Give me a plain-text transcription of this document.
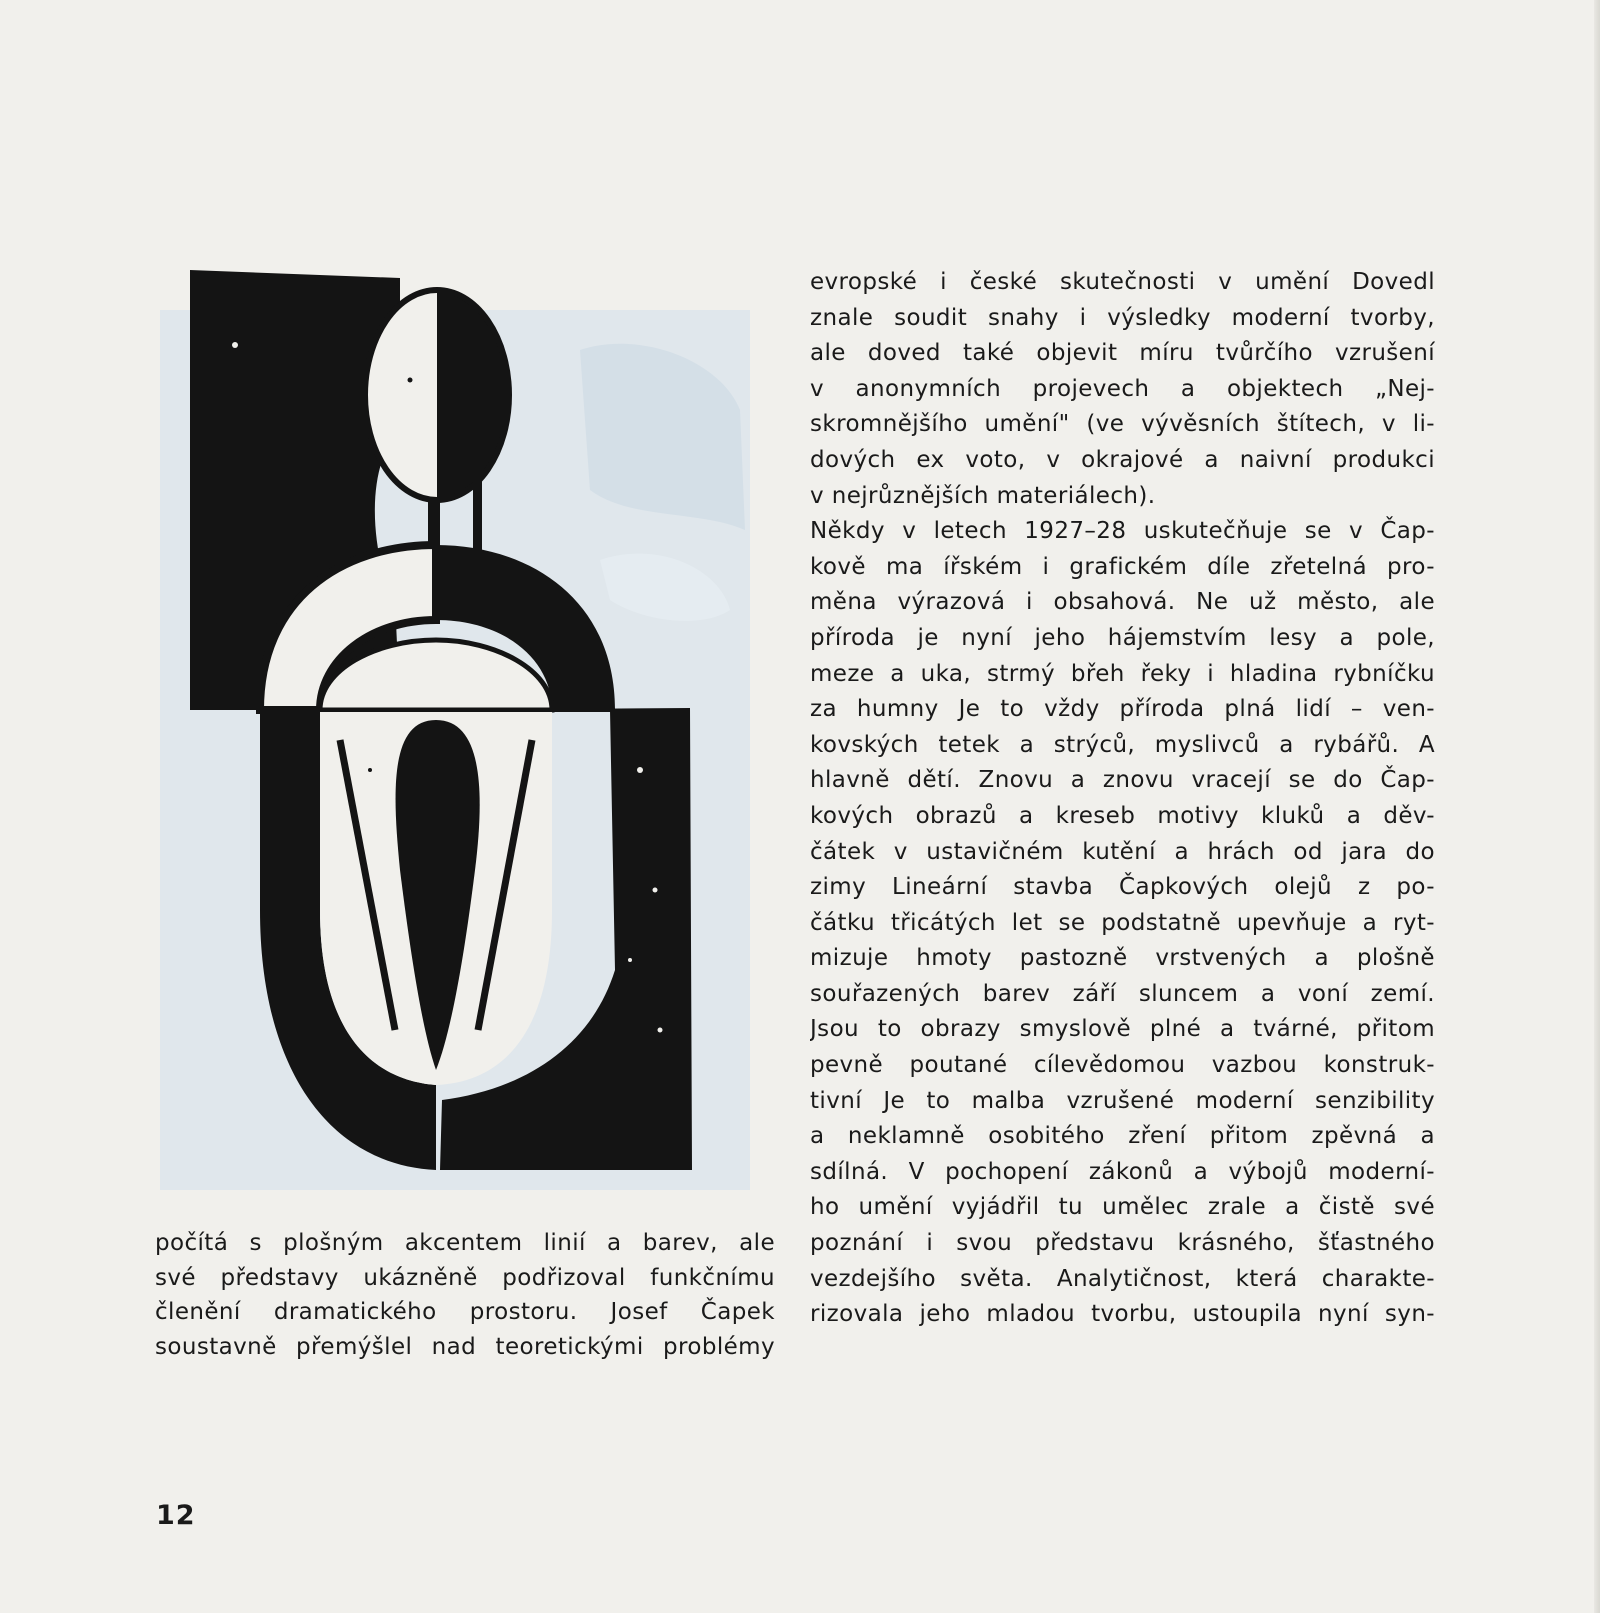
počítá s plošným akcentem linií a barev, ale
své představy ukázněně podřizoval funkčnímu
členění dramatického prostoru. Josef Čapek
soustavně přemýšlel nad teoretickými problémy
evropské i české skutečnosti v umění Dovedl
znale soudit snahy i výsledky moderní tvorby,
ale doved také objevit míru tvůrčího vzrušení
v anonymních projevech a objektech „Nej-
skromnějšího umění" (ve vývěsních štítech, v li-
dových ex voto, v okrajové a naivní produkci
v nejrůznějších materiálech).
Někdy v letech 1927–28 uskutečňuje se v Čap-
kově ma ířském i grafickém díle zřetelná pro-
měna výrazová i obsahová. Ne už město, ale
příroda je nyní jeho hájemstvím lesy a pole,
meze a uka, strmý břeh řeky i hladina rybníčku
za humny Je to vždy příroda plná lidí – ven-
kovských tetek a strýců, myslivců a rybářů. A
hlavně dětí. Znovu a znovu vracejí se do Čap-
kových obrazů a kreseb motivy kluků a děv-
čátek v ustavičném kutění a hrách od jara do
zimy Lineární stavba Čapkových olejů z po-
čátku třicátých let se podstatně upevňuje a ryt-
mizuje hmoty pastozně vrstvených a plošně
souřazených barev září sluncem a voní zemí.
Jsou to obrazy smyslově plné a tvárné, přitom
pevně poutané cílevědomou vazbou konstruk-
tivní Je to malba vzrušené moderní senzibility
a neklamně osobitého zření přitom zpěvná a
sdílná. V pochopení zákonů a výbojů moderní-
ho umění vyjádřil tu umělec zrale a čistě své
poznání i svou představu krásného, šťastného
vezdejšího světa. Analytičnost, která charakte-
rizovala jeho mladou tvorbu, ustoupila nyní syn-
12
